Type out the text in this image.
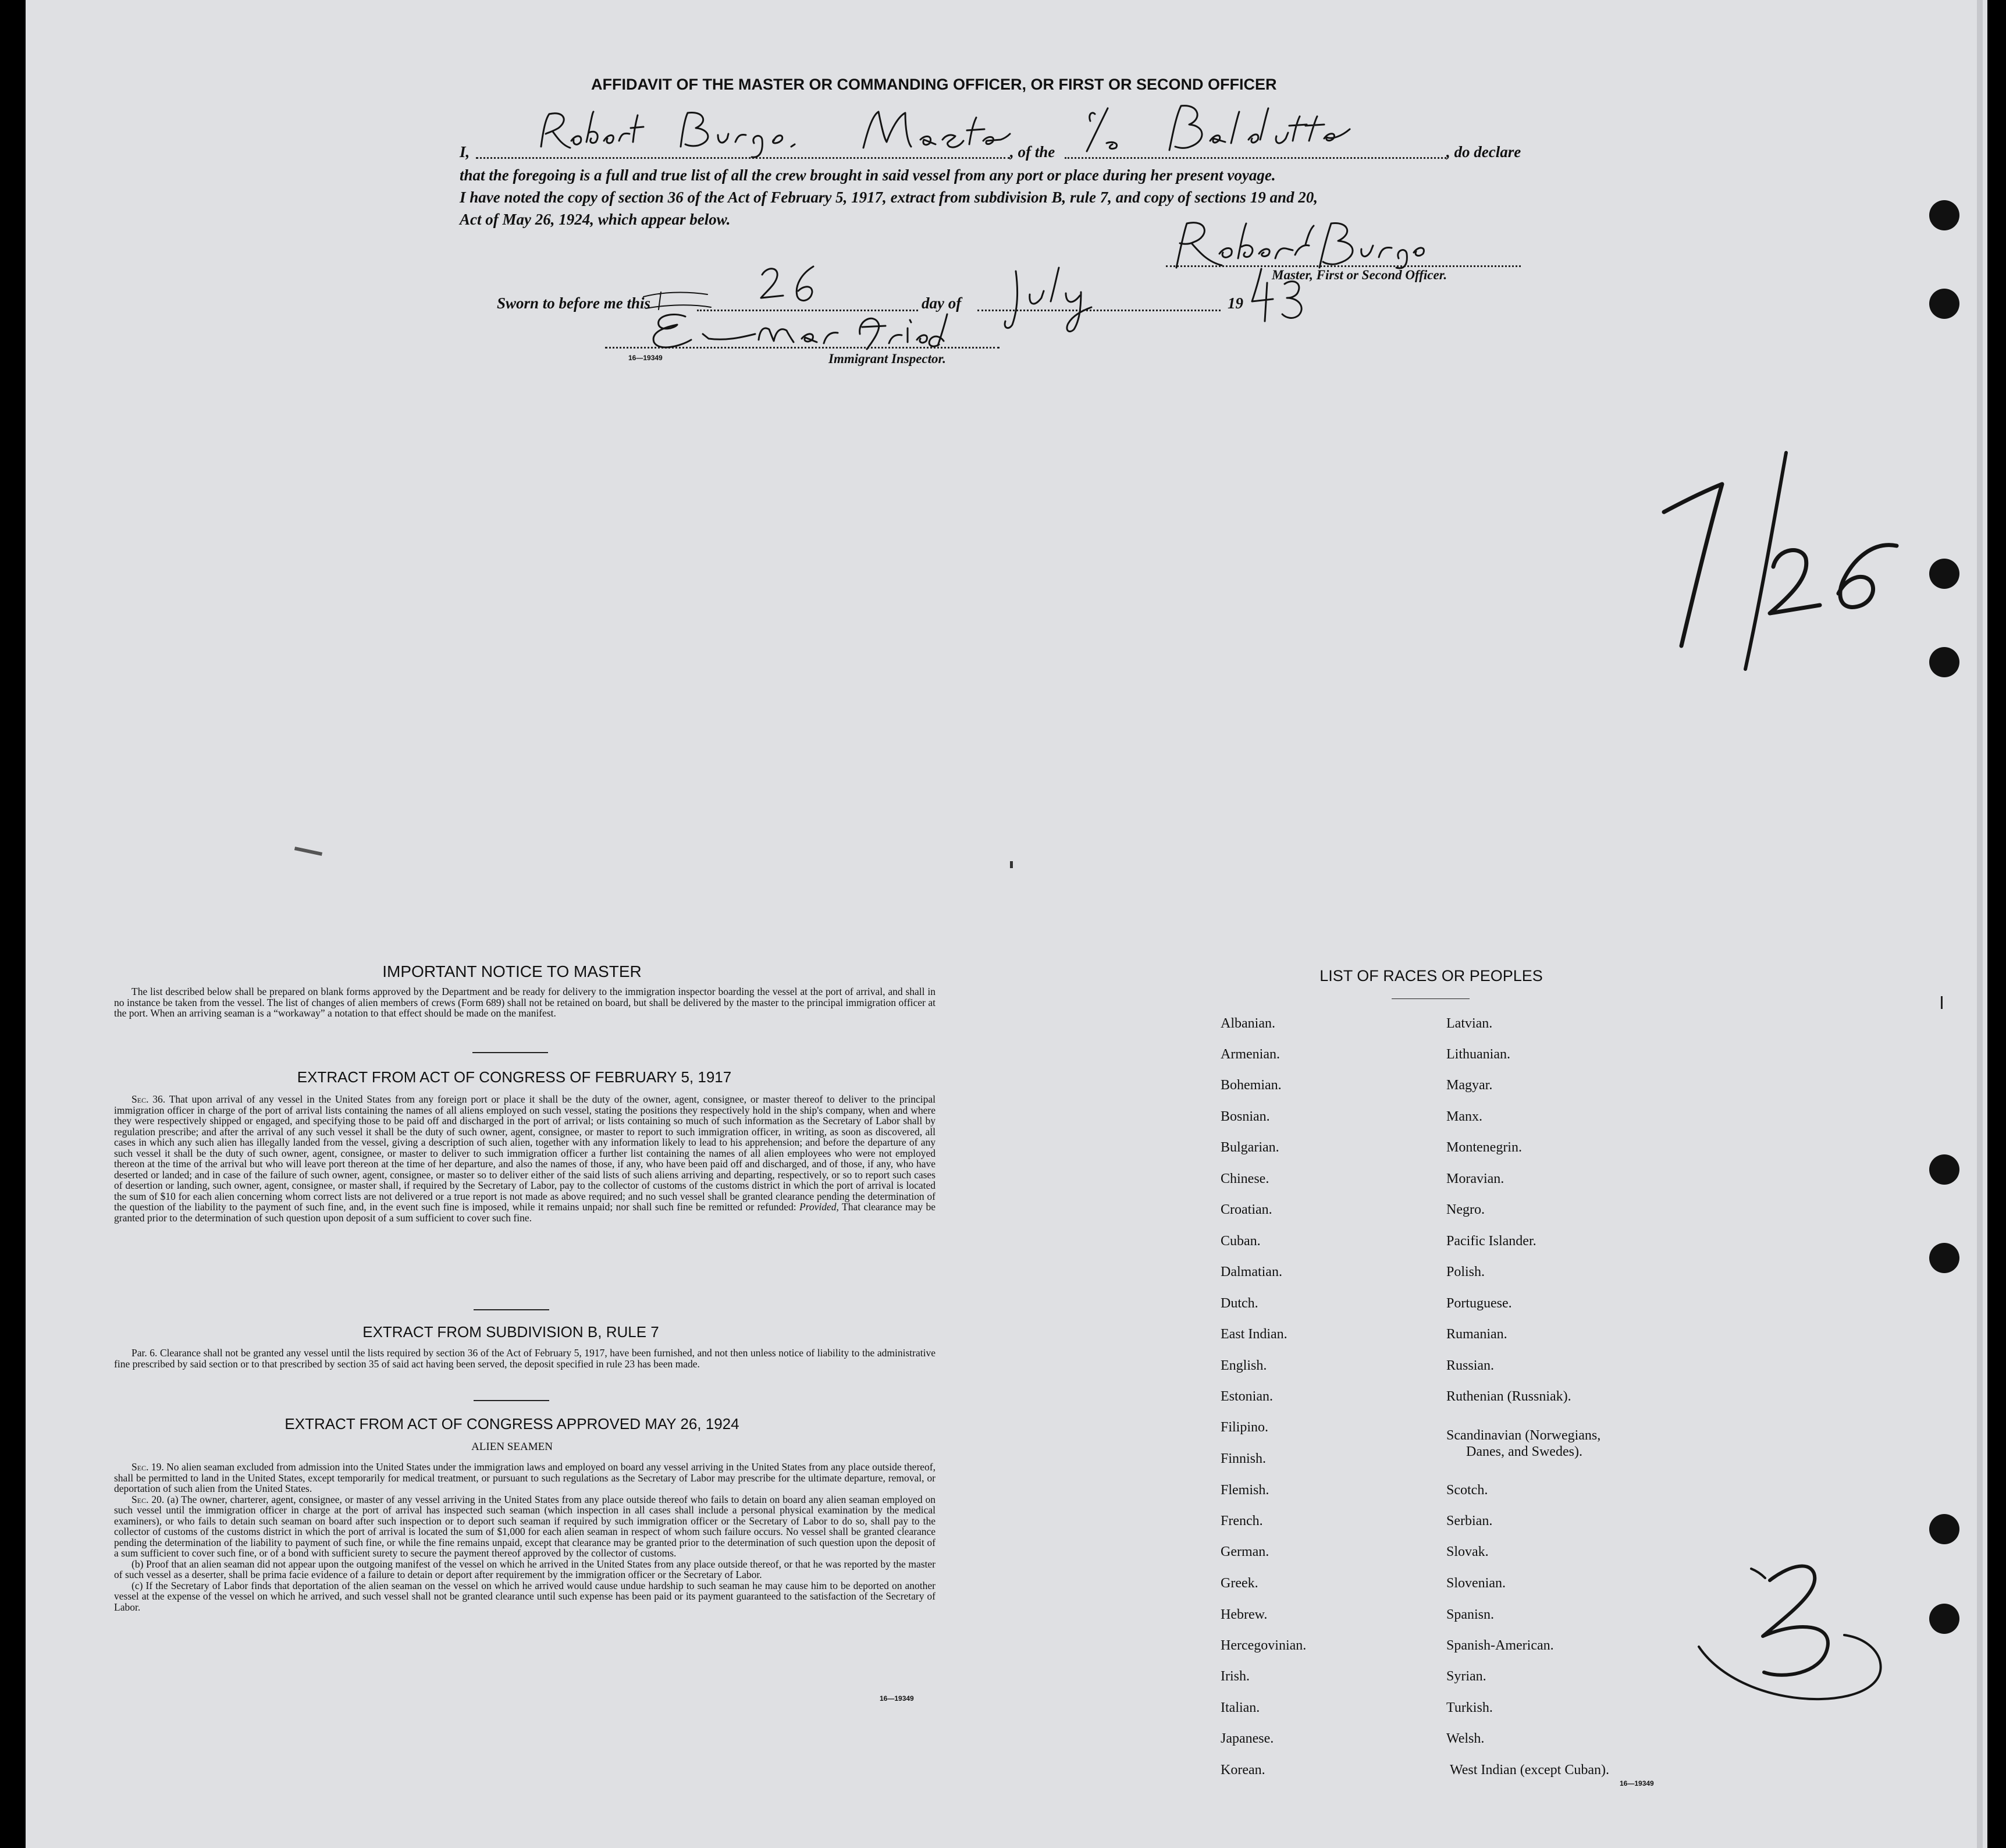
AFFIDAVIT OF THE MASTER OR COMMANDING OFFICER, OR FIRST OR SECOND OFFICER
I,	, of the	, do declare
that the foregoing is a full and true list of all the crew brought in said vessel from any port or place during her present voyage.
I have noted the copy of section 36 of the Act of February 5, 1917, extract from subdivision B, rule 7, and copy of sections 19 and 20,
Act of May 26, 1924, which appear below.
Master, First or Second Officer.
Sworn to before me this	day of	19
16—19349	Immigrant Inspector.
IMPORTANT NOTICE TO MASTER

The list described below shall be prepared on blank forms approved by the Department and be ready for delivery to the immigration inspector boarding the vessel at the port of arrival, and shall in no instance be taken from the vessel. The list of changes of alien members of crews (Form 689) shall not be retained on board, but shall be delivered by the master to the principal immigration officer at the port. When an arriving seaman is a “workaway” a notation to that effect should be made on the manifest.

EXTRACT FROM ACT OF CONGRESS OF FEBRUARY 5, 1917

Sec. 36. That upon arrival of any vessel in the United States from any foreign port or place it shall be the duty of the owner, agent, consignee, or master thereof to deliver to the principal immigration officer in charge of the port of arrival lists containing the names of all aliens employed on such vessel, stating the positions they respectively hold in the ship's company, when and where they were respectively shipped or engaged, and specifying those to be paid off and discharged in the port of arrival; or lists containing so much of such information as the Secretary of Labor shall by regulation prescribe; and after the arrival of any such vessel it shall be the duty of such owner, agent, consignee, or master to report to such immigration officer, in writing, as soon as discovered, all cases in which any such alien has illegally landed from the vessel, giving a description of such alien, together with any information likely to lead to his apprehension; and before the departure of any such vessel it shall be the duty of such owner, agent, consignee, or master to deliver to such immigration officer a further list containing the names of all alien employees who were not employed thereon at the time of the arrival but who will leave port thereon at the time of her departure, and also the names of those, if any, who have been paid off and discharged, and of those, if any, who have deserted or landed; and in case of the failure of such owner, agent, consignee, or master so to deliver either of the said lists of such aliens arriving and departing, respectively, or so to report such cases of desertion or landing, such owner, agent, consignee, or master shall, if required by the Secretary of Labor, pay to the collector of customs of the customs district in which the port of arrival is located the sum of $10 for each alien concerning whom correct lists are not delivered or a true report is not made as above required; and no such vessel shall be granted clearance pending the determination of the question of the liability to the payment of such fine, and, in the event such fine is imposed, while it remains unpaid; nor shall such fine be remitted or refunded: Provided, That clearance may be granted prior to the determination of such question upon deposit of a sum sufficient to cover such fine.

EXTRACT FROM SUBDIVISION B, RULE 7

Par. 6. Clearance shall not be granted any vessel until the lists required by section 36 of the Act of February 5, 1917, have been furnished, and not then unless notice of liability to the administrative fine prescribed by said section or to that prescribed by section 35 of said act having been served, the deposit specified in rule 23 has been made.

EXTRACT FROM ACT OF CONGRESS APPROVED MAY 26, 1924
ALIEN SEAMEN

Sec. 19. No alien seaman excluded from admission into the United States under the immigration laws and employed on board any vessel arriving in the United States from any place outside thereof, shall be permitted to land in the United States, except temporarily for medical treatment, or pursuant to such regulations as the Secretary of Labor may prescribe for the ultimate departure, removal, or deportation of such alien from the United States.

Sec. 20. (a) The owner, charterer, agent, consignee, or master of any vessel arriving in the United States from any place outside thereof who fails to detain on board any alien seaman employed on such vessel until the immigration officer in charge at the port of arrival has inspected such seaman (which inspection in all cases shall include a personal physical examination by the medical examiners), or who fails to detain such seaman on board after such inspection or to deport such seaman if required by such immigration officer or the Secretary of Labor to do so, shall pay to the collector of customs of the customs district in which the port of arrival is located the sum of $1,000 for each alien seaman in respect of whom such failure occurs. No vessel shall be granted clearance pending the determination of the liability to payment of such fine, or while the fine remains unpaid, except that clearance may be granted prior to the determination of such question upon the deposit of a sum sufficient to cover such fine, or of a bond with sufficient surety to secure the payment thereof approved by the collector of customs.

(b) Proof that an alien seaman did not appear upon the outgoing manifest of the vessel on which he arrived in the United States from any place outside thereof, or that he was reported by the master of such vessel as a deserter, shall be prima facie evidence of a failure to detain or deport after requirement by the immigration officer or the Secretary of Labor.

(c) If the Secretary of Labor finds that deportation of the alien seaman on the vessel on which he arrived would cause undue hardship to such seaman he may cause him to be deported on another vessel at the expense of the vessel on which he arrived, and such vessel shall not be granted clearance until such expense has been paid or its payment guaranteed to the satisfaction of the Secretary of Labor.

16—19349
LIST OF RACES OR PEOPLES
Albanian.
Armenian.
Bohemian.
Bosnian.
Bulgarian.
Chinese.
Croatian.
Cuban.
Dalmatian.
Dutch.
East Indian.
English.
Estonian.
Filipino.
Finnish.
Flemish.
French.
German.
Greek.
Hebrew.
Hercegovinian.
Irish.
Italian.
Japanese.
Korean.
Latvian.
Lithuanian.
Magyar.
Manx.
Montenegrin.
Moravian.
Negro.
Pacific Islander.
Polish.
Portuguese.
Rumanian.
Russian.
Ruthenian (Russniak).
Scandinavian (Norwegians,
Danes, and Swedes).
Scotch.
Serbian.
Slovak.
Slovenian.
Spanisn.
Spanish-American.
Syrian.
Turkish.
Welsh.
West Indian (except Cuban).
16—19349
